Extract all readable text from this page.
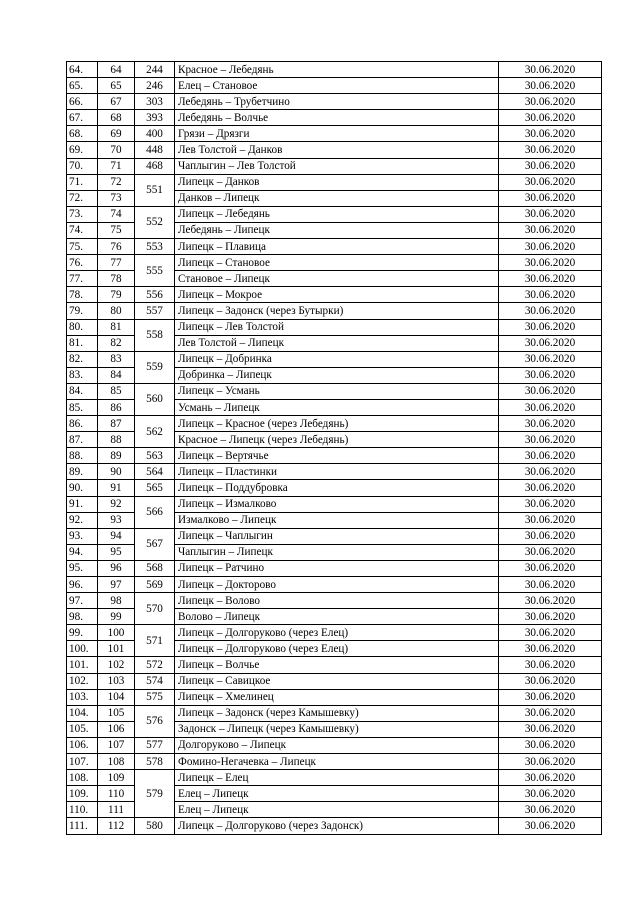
64.	64	244	Красное – Лебедянь	30.06.2020
65.	65	246	Елец – Становое	30.06.2020
66.	67	303	Лебедянь – Трубетчино	30.06.2020
67.	68	393	Лебедянь – Волчье	30.06.2020
68.	69	400	Грязи – Дрязги	30.06.2020
69.	70	448	Лев Толстой – Данков	30.06.2020
70.	71	468	Чаплыгин – Лев Толстой	30.06.2020
71.	72	551	Липецк – Данков	30.06.2020
72.	73		Данков – Липецк	30.06.2020
73.	74	552	Липецк – Лебедянь	30.06.2020
74.	75		Лебедянь – Липецк	30.06.2020
75.	76	553	Липецк – Плавица	30.06.2020
76.	77	555	Липецк – Становое	30.06.2020
77.	78		Становое – Липецк	30.06.2020
78.	79	556	Липецк – Мокрое	30.06.2020
79.	80	557	Липецк – Задонск (через Бутырки)	30.06.2020
80.	81	558	Липецк – Лев Толстой	30.06.2020
81.	82		Лев Толстой – Липецк	30.06.2020
82.	83	559	Липецк – Добринка	30.06.2020
83.	84		Добринка – Липецк	30.06.2020
84.	85	560	Липецк – Усмань	30.06.2020
85.	86		Усмань – Липецк	30.06.2020
86.	87	562	Липецк – Красное (через Лебедянь)	30.06.2020
87.	88		Красное – Липецк (через Лебедянь)	30.06.2020
88.	89	563	Липецк – Вертячье	30.06.2020
89.	90	564	Липецк – Пластинки	30.06.2020
90.	91	565	Липецк – Поддубровка	30.06.2020
91.	92	566	Липецк – Измалково	30.06.2020
92.	93		Измалково – Липецк	30.06.2020
93.	94	567	Липецк – Чаплыгин	30.06.2020
94.	95		Чаплыгин – Липецк	30.06.2020
95.	96	568	Липецк – Ратчино	30.06.2020
96.	97	569	Липецк – Докторово	30.06.2020
97.	98	570	Липецк – Волово	30.06.2020
98.	99		Волово – Липецк	30.06.2020
99.	100	571	Липецк – Долгоруково (через Елец)	30.06.2020
100.	101		Липецк – Долгоруково (через Елец)	30.06.2020
101.	102	572	Липецк – Волчье	30.06.2020
102.	103	574	Липецк – Савицкое	30.06.2020
103.	104	575	Липецк – Хмелинец	30.06.2020
104.	105	576	Липецк – Задонск (через Камышевку)	30.06.2020
105.	106		Задонск – Липецк (через Камышевку)	30.06.2020
106.	107	577	Долгоруково – Липецк	30.06.2020
107.	108	578	Фомино-Негачевка – Липецк	30.06.2020
108.	109	579	Липецк – Елец	30.06.2020
109.	110		Елец – Липецк	30.06.2020
110.	111		Елец – Липецк	30.06.2020
111.	112	580	Липецк – Долгоруково (через Задонск)	30.06.2020
